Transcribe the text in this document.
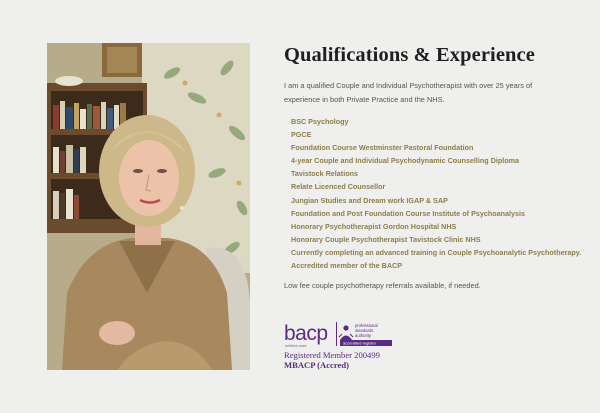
Qualifications & Experience

I am a qualified Couple and Individual Psychotherapist with over 25 years of experience in both Private Practice and the NHS.

BSC Psychology
PGCE
Foundation Course Westminster Pastoral Foundation
4-year Couple and Individual Psychodynamic Counselling Diploma
Tavistock Relations
Relate Licenced Counsellor
Jungian Studies and Dream work IGAP & SAP
Foundation and Post Foundation Course Institute of Psychoanalysis
Honorary Psychotherapist Gordon Hospital NHS
Honorary Couple Psychotherapist Tavistock Clinic NHS
Currently completing an advanced training in Couple Psychoanalytic Psychotherapy.
Accredited member of the BACP

Low fee couple psychotherapy referrals available, if needed.

bacp
we'think work
professional
standards
authority
accredited register
Registered Member 200499
MBACP (Accred)
